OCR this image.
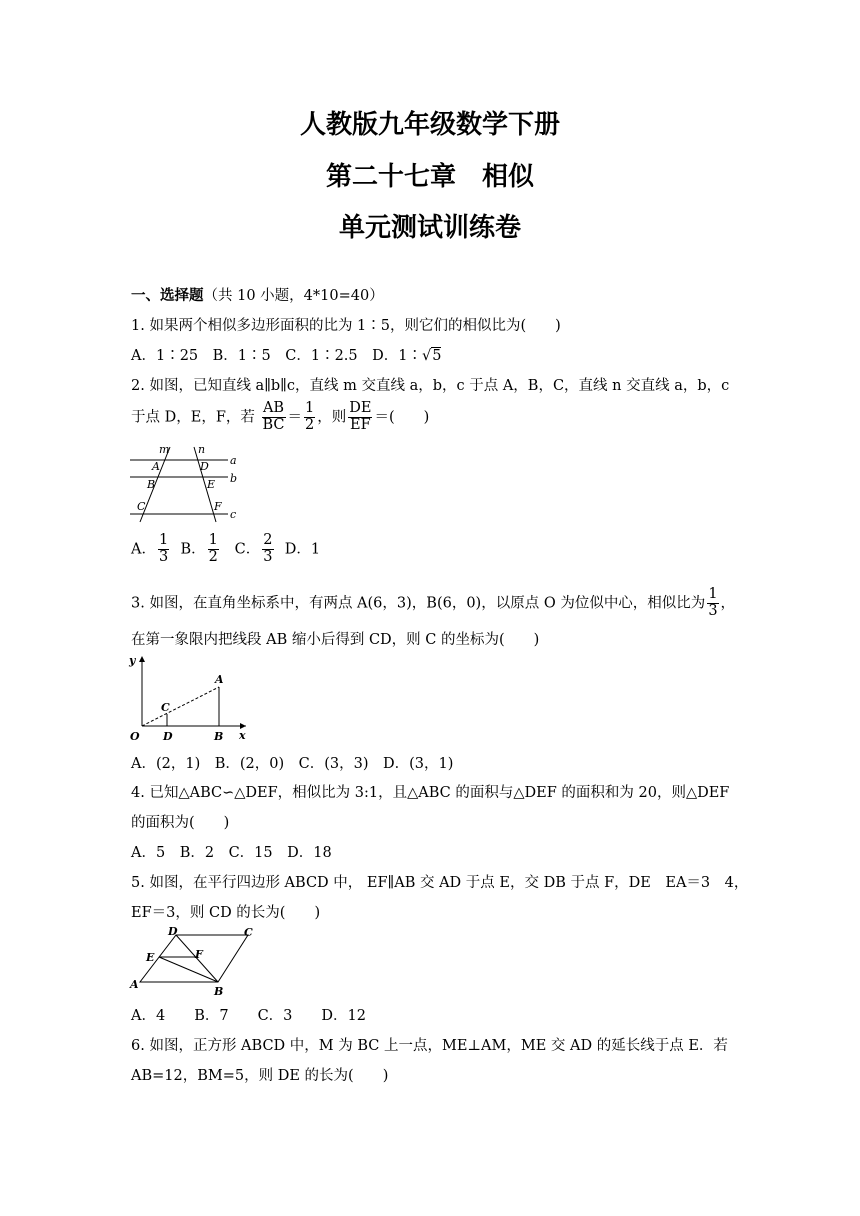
人教版九年级数学下册
第二十七章　相似
单元测试训练卷
一、选择题（共 10 小题，4*10=40）
1. 如果两个相似多边形面积的比为 1∶5，则它们的相似比为(　　)
A．1∶25　B．1∶5　C．1∶2.5　D．1∶√5
2. 如图，已知直线 a∥b∥c，直线 m 交直线 a，b，c 于点 A，B，C，直线 n 交直线 a，b，c
于点 D，E，F，若 $\frac{AB}{BC} = \frac{1}{2}$ ，则 $\frac{DE}{EF}$ ＝(　　)
m	n
A	D a
B	E b
C	F
c
A． $\frac{1}{3}$ B． $\frac{1}{2}$ C． $\frac{2}{3}$ D．1
3. 如图，在直角坐标系中，有两点 A(6，3)，B(6，0)，以原点 O 为位似中心，相似比为 $\frac{1}{3}$ ，
在第一象限内把线段 AB 缩小后得到 CD，则 C 的坐标为(　　)
y
x
O D	B
C
A
A．(2，1)　B．(2，0)　C．(3，3)　D．(3，1)
4. 已知△ABC∽△DEF，相似比为 3:1，且△ABC 的面积与△DEF 的面积和为 20，则△DEF
的面积为(　　)
A．5　B．2　C．15　D．18
5. 如图，在平行四边形 ABCD 中， EF∥AB 交 AD 于点 E，交 DB 于点 F，DE　EA＝3　4，
EF＝3，则 CD 的长为(　　)
D	C
E	F
A
B
A．4　　B．7　　C．3　　D．12
6. 如图，正方形 ABCD 中，M 为 BC 上一点，ME⊥AM，ME 交 AD 的延长线于点 E．若
AB=12，BM=5，则 DE 的长为(　　)
